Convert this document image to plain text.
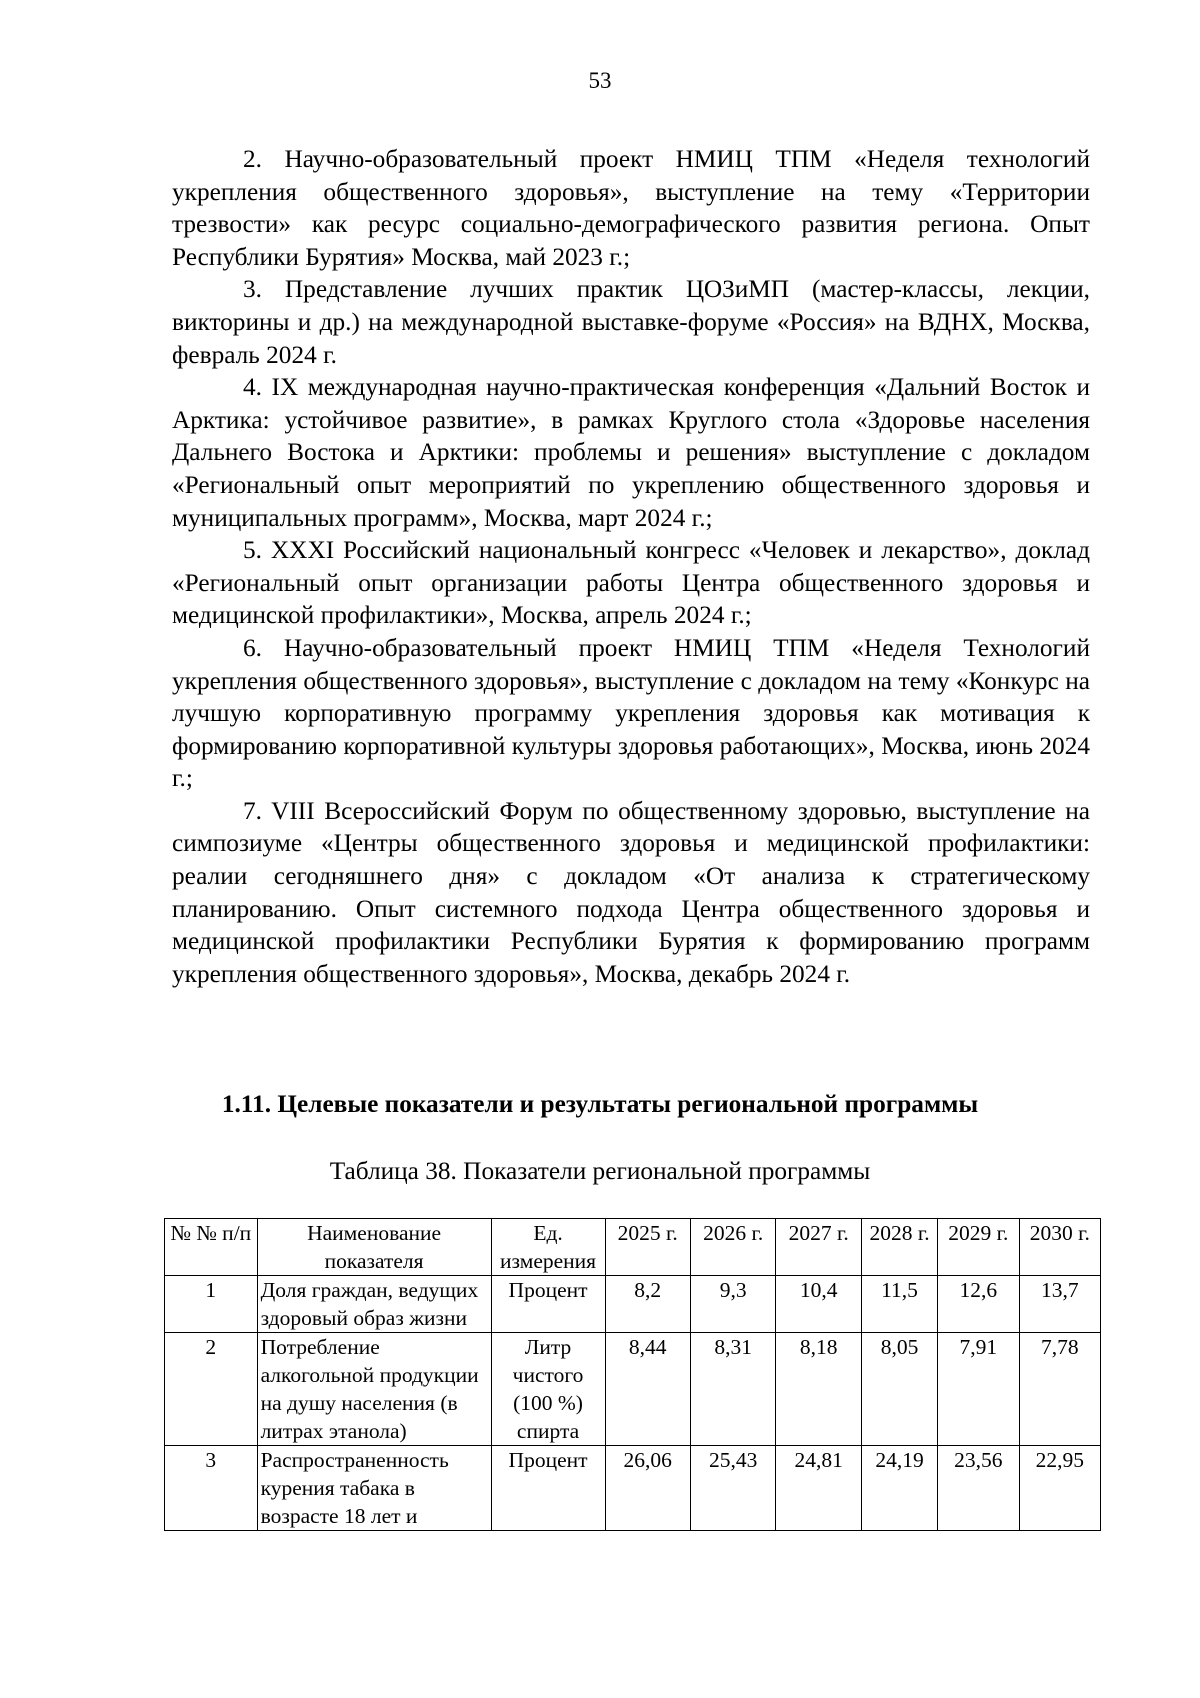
53

2. Научно-образовательный проект НМИЦ ТПМ «Неделя технологий укрепления общественного здоровья», выступление на тему «Территории трезвости» как ресурс социально-демографического развития региона. Опыт Республики Бурятия» Москва, май 2023 г.;

3. Представление лучших практик ЦОЗиМП (мастер-классы, лекции, викторины и др.) на международной выставке-форуме «Россия» на ВДНХ, Москва, февраль 2024 г.

4. IX международная научно-практическая конференция «Дальний Восток и Арктика: устойчивое развитие», в рамках Круглого стола «Здоровье населения Дальнего Востока и Арктики: проблемы и решения» выступление с докладом «Региональный опыт мероприятий по укреплению общественного здоровья и муниципальных программ», Москва, март 2024 г.;

5. XXXI Российский национальный конгресс «Человек и лекарство», доклад «Региональный опыт организации работы Центра общественного здоровья и медицинской профилактики», Москва, апрель 2024 г.;

6. Научно-образовательный проект НМИЦ ТПМ «Неделя Технологий укрепления общественного здоровья», выступление с докладом на тему «Конкурс на лучшую корпоративную программу укрепления здоровья как мотивация к формированию корпоративной культуры здоровья работающих», Москва, июнь 2024 г.;

7. VIII Всероссийский Форум по общественному здоровью, выступление на симпозиуме «Центры общественного здоровья и медицинской профилактики: реалии сегодняшнего дня» с докладом «От анализа к стратегическому планированию. Опыт системного подхода Центра общественного здоровья и медицинской профилактики Республики Бурятия к формированию программ укрепления общественного здоровья», Москва, декабрь 2024 г.

1.11. Целевые показатели и результаты региональной программы
Таблица 38. Показатели региональной программы
№ № п/п	Наименование показателя	Ед. измерения	2025 г.	2026 г.	2027 г.	2028 г.	2029 г.	2030 г.
1	Доля граждан, ведущих здоровый образ жизни	Процент	8,2	9,3	10,4	11,5	12,6	13,7
2	Потребление алкогольной продукции на душу населения (в литрах этанола)	Литр чистого (100 %) спирта	8,44	8,31	8,18	8,05	7,91	7,78
3	Распространенность курения табака в возрасте 18 лет и	Процент	26,06	25,43	24,81	24,19	23,56	22,95
